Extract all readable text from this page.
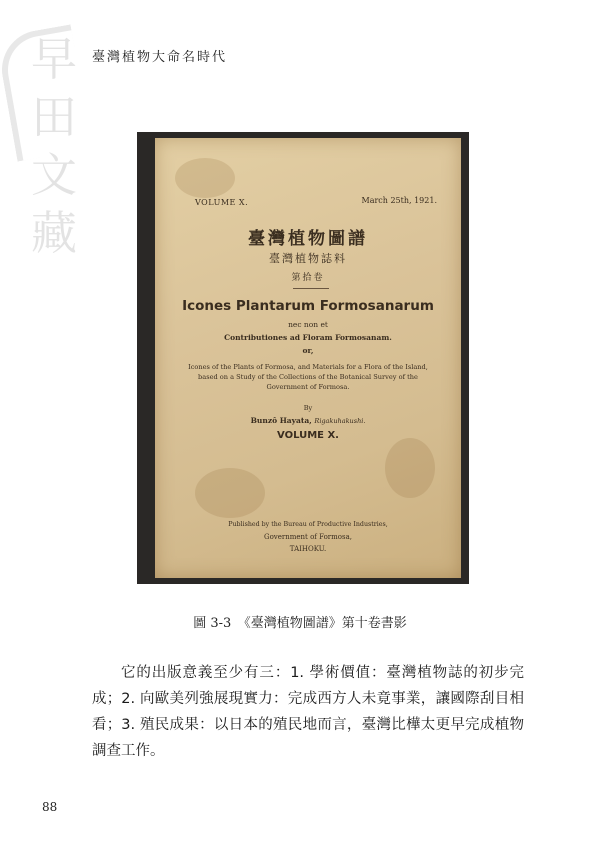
臺灣植物大命名時代
早
田
文
藏
VOLUME X.	March 25th, 1921.
臺灣植物圖譜
臺灣植物誌料
第拾卷
Icones Plantarum Formosanarum
nec non et
Contributiones ad Floram Formosanam.
or,
Icones of the Plants of Formosa, and Materials for a Flora of the Island, based on a Study of the Collections of the Botanical Survey of the Government of Formosa.
By
Bunzô Hayata, Rigakuhakushi.
VOLUME X.
Published by the Bureau of Productive Industries,
Government of Formosa,
TAIHOKU.
圖 3-3　《臺灣植物圖譜》第十卷書影
它的出版意義至少有三：1. 學術價值：臺灣植物誌的初步完成；2. 向歐美列強展現實力：完成西方人未竟事業，讓國際刮目相看；3. 殖民成果：以日本的殖民地而言，臺灣比樺太更早完成植物調查工作。
88
